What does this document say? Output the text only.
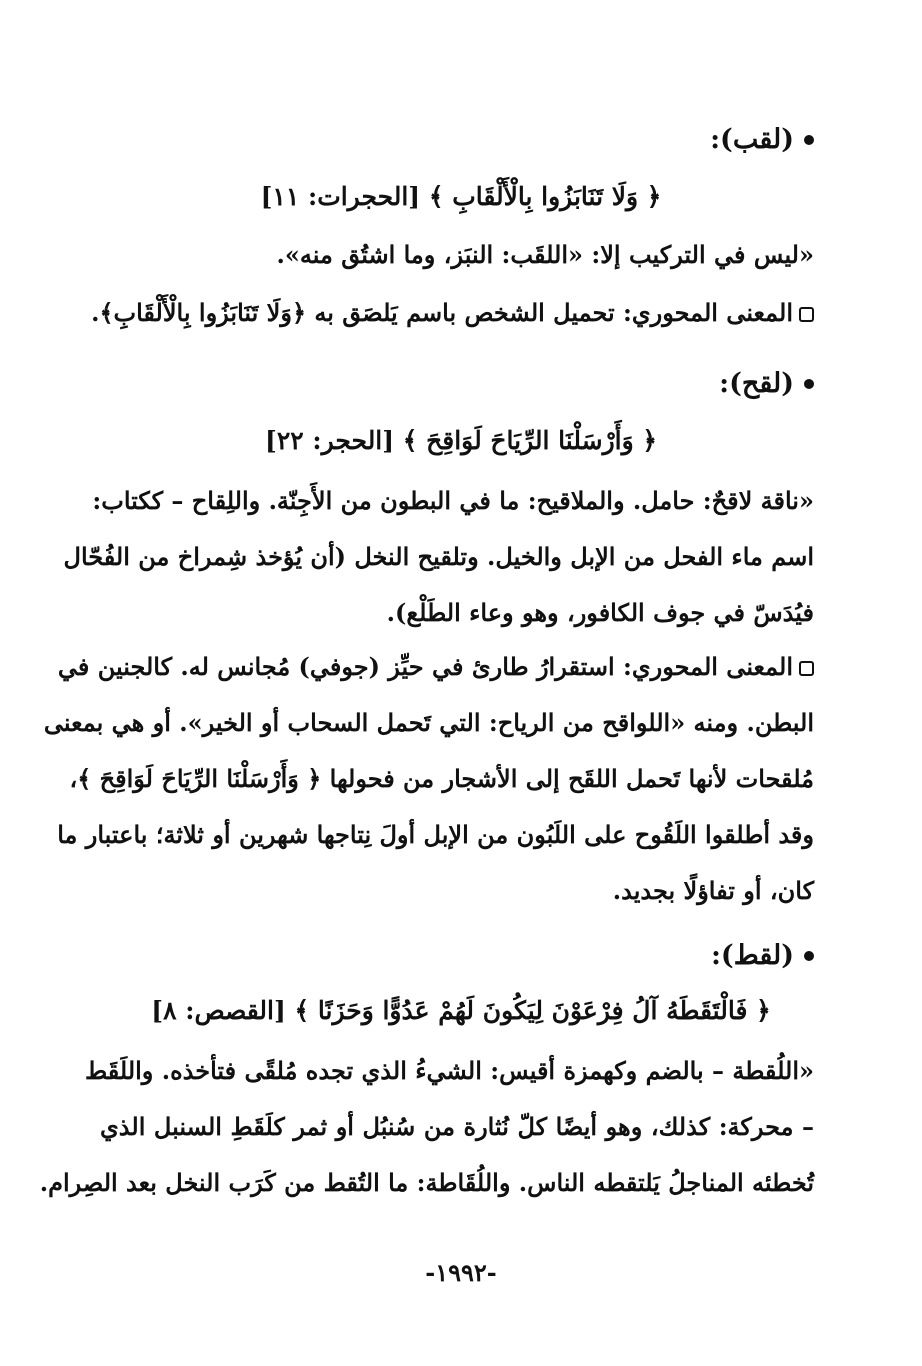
(لقب):
﴿ وَلَا تَنَابَزُوا بِالْأَلْقَابِ ﴾ [الحجرات: ١١]
«ليس في التركيب إلا: «اللقَب: النبَز، وما اشتُق منه».
المعنى المحوري: تحميل الشخص باسم يَلصَق به ﴿وَلَا تَنَابَزُوا بِالْأَلْقَابِ﴾.
(لقح):
﴿ وَأَرْسَلْنَا الرِّيَاحَ لَوَاقِحَ ﴾ [الحجر: ٢٢]
«ناقة لاقحٌ: حامل. والملاقيح: ما في البطون من الأَجِنّة. واللِقاح – ككتاب:
اسم ماء الفحل من الإبل والخيل. وتلقيح النخل (أن يُؤخذ شِمراخ من الفُحّال
فيُدَسّ في جوف الكافور، وهو وعاء الطَلْع).
المعنى المحوري: استقرارُ طارئ في حيِّز (جوفي) مُجانس له. كالجنين في
البطن. ومنه «اللواقح من الرياح: التي تَحمل السحاب أو الخير». أو هي بمعنى
مُلقحات لأنها تَحمل اللقَح إلى الأشجار من فحولها ﴿ وَأَرْسَلْنَا الرِّيَاحَ لَوَاقِحَ ﴾،
وقد أطلقوا اللَقُوح على اللَبُون من الإبل أولَ نِتاجها شهرين أو ثلاثة؛ باعتبار ما
كان، أو تفاؤلًا بجديد.
(لقط):
﴿ فَالْتَقَطَهُ آلُ فِرْعَوْنَ لِيَكُونَ لَهُمْ عَدُوًّا وَحَزَنًا ﴾ [القصص: ٨]
«اللُقطة – بالضم وكهمزة أقيس: الشيءُ الذي تجده مُلقًى فتأخذه. واللَقَط
– محركة: كذلك، وهو أيضًا كلّ نُثارة من سُنبُل أو ثمر كلَقَطِ السنبل الذي
تُخطئه المناجلُ يَلتقطه الناس. واللُقَاطة: ما التُقط من كَرَب النخل بعد الصِرام.
-١٩٩٢-
